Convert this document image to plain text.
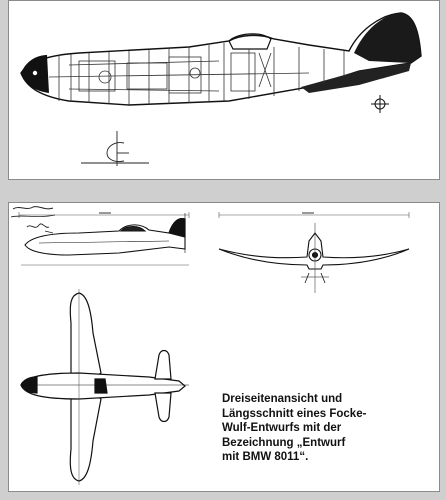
Dreiseitenansicht und
Längsschnitt eines Focke-
Wulf-Entwurfs mit der
Bezeichnung „Entwurf
mit BMW 8011“.
